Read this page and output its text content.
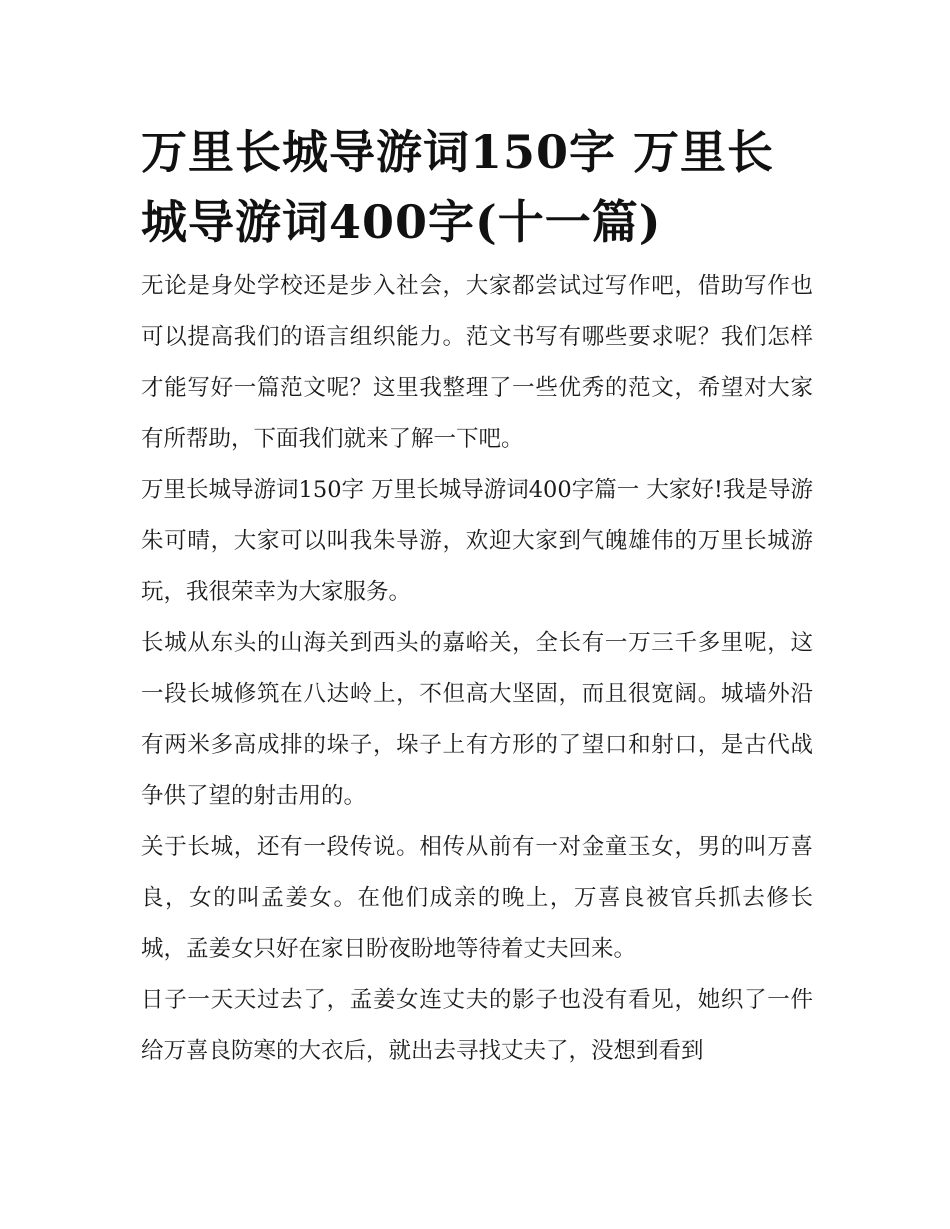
万里长城导游词150字 万里长城导游词400字(十一篇)

无论是身处学校还是步入社会，大家都尝试过写作吧，借助写作也可以提高我们的语言组织能力。范文书写有哪些要求呢？我们怎样才能写好一篇范文呢？这里我整理了一些优秀的范文，希望对大家有所帮助，下面我们就来了解一下吧。

万里长城导游词150字 万里长城导游词400字篇一 大家好!我是导游朱可晴，大家可以叫我朱导游，欢迎大家到气魄雄伟的万里长城游玩，我很荣幸为大家服务。

长城从东头的山海关到西头的嘉峪关，全长有一万三千多里呢，这一段长城修筑在八达岭上，不但高大坚固，而且很宽阔。城墙外沿有两米多高成排的垛子，垛子上有方形的了望口和射口，是古代战争供了望的射击用的。

关于长城，还有一段传说。相传从前有一对金童玉女，男的叫万喜良，女的叫孟姜女。在他们成亲的晚上，万喜良被官兵抓去修长城，孟姜女只好在家日盼夜盼地等待着丈夫回来。

日子一天天过去了，孟姜女连丈夫的影子也没有看见，她织了一件给万喜良防寒的大衣后，就出去寻找丈夫了，没想到看到
